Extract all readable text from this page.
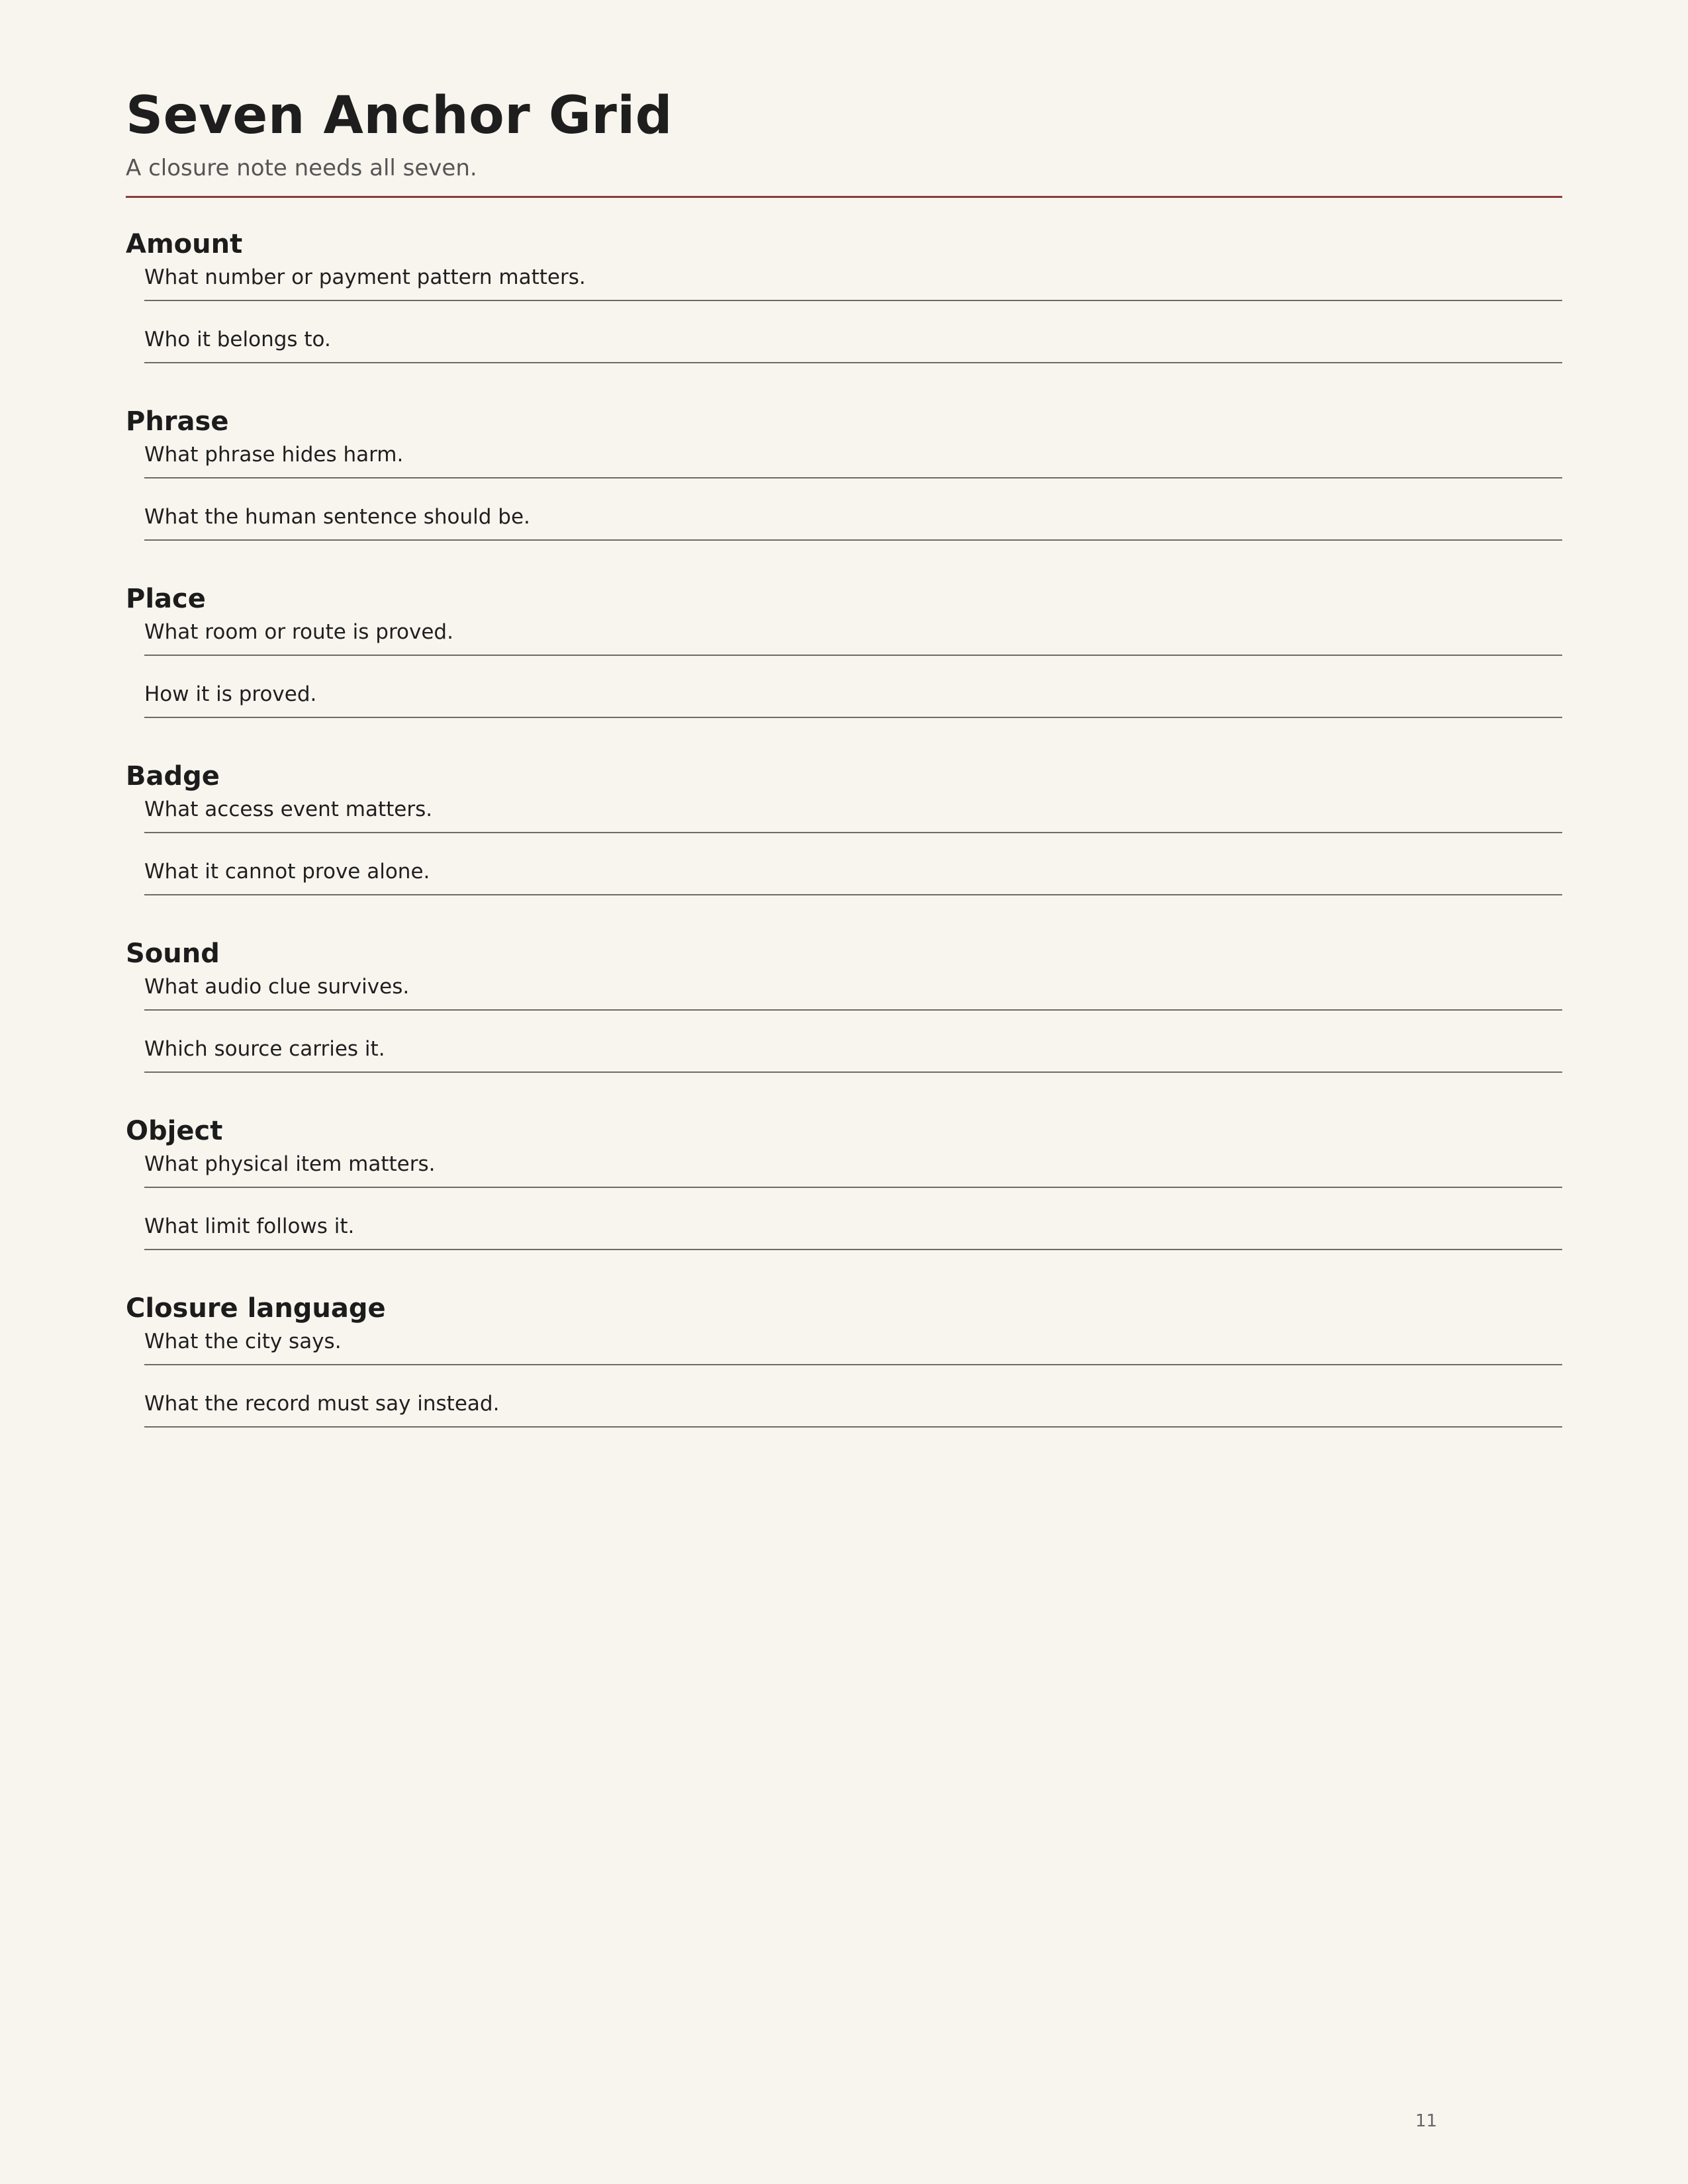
Seven Anchor Grid

A closure note needs all seven.

Amount
What number or payment pattern matters.
Who it belongs to.
Phrase
What phrase hides harm.
What the human sentence should be.
Place
What room or route is proved.
How it is proved.
Badge
What access event matters.
What it cannot prove alone.
Sound
What audio clue survives.
Which source carries it.
Object
What physical item matters.
What limit follows it.
Closure language
What the city says.
What the record must say instead.
11
